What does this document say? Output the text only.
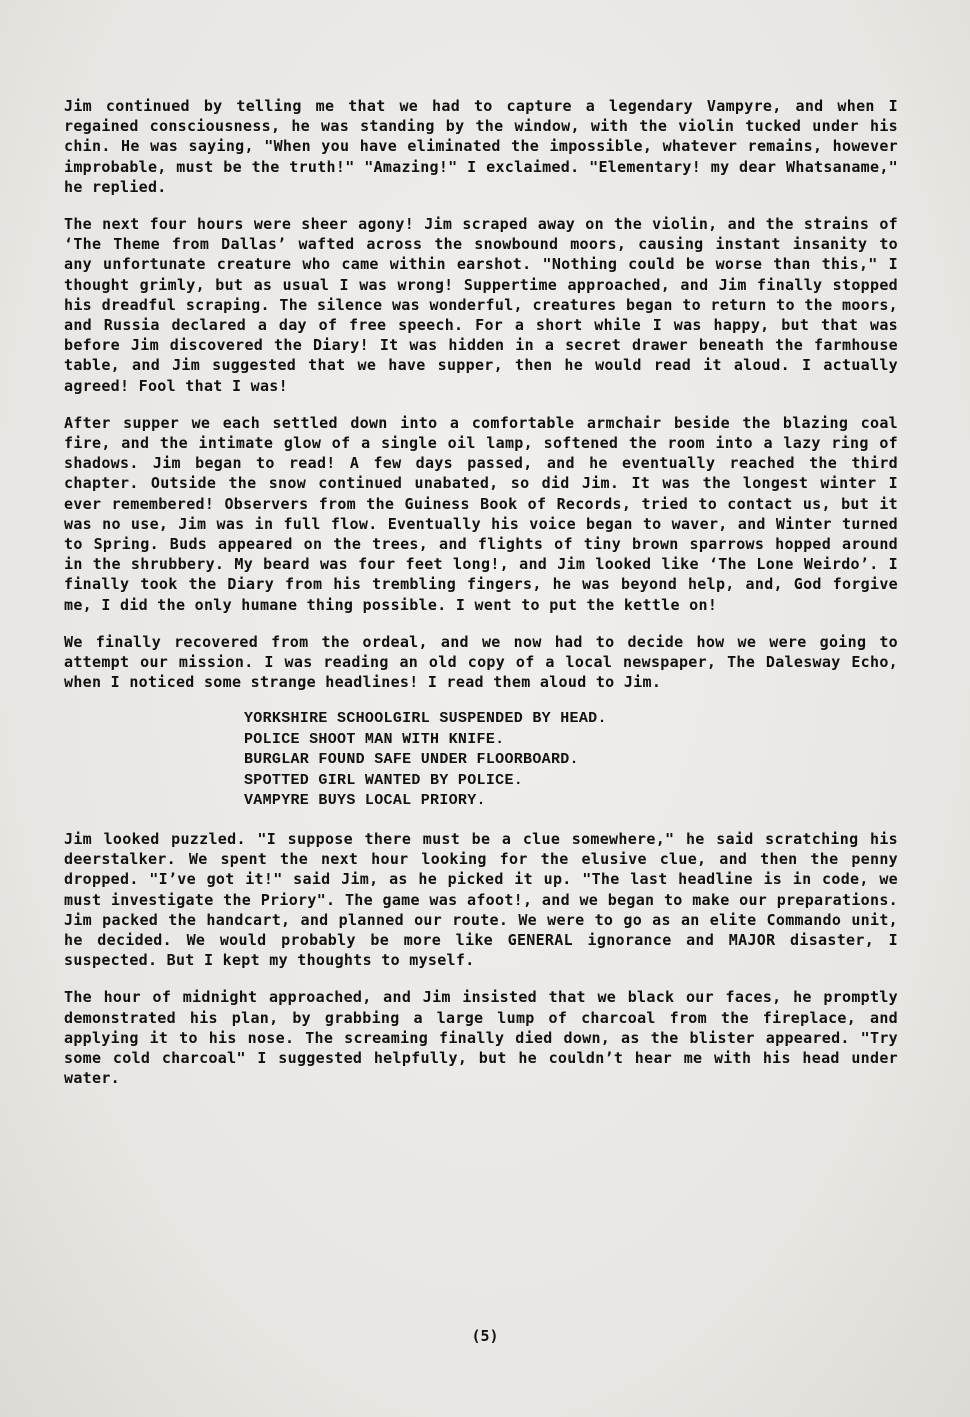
Jim continued by telling me that we had to capture a legendary Vampyre, and when I regained consciousness, he was standing by the window, with the violin tucked under his chin. He was saying, "When you have eliminated the impossible, whatever remains, however improbable, must be the truth!" "Amazing!" I exclaimed. "Elementary! my dear Whatsaname," he replied.

The next four hours were sheer agony! Jim scraped away on the violin, and the strains of ‘The Theme from Dallas’ wafted across the snowbound moors, causing instant insanity to any unfortunate creature who came within earshot. "Nothing could be worse than this," I thought grimly, but as usual I was wrong! Suppertime approached, and Jim finally stopped his dreadful scraping. The silence was wonderful, creatures began to return to the moors, and Russia declared a day of free speech. For a short while I was happy, but that was before Jim discovered the Diary! It was hidden in a secret drawer beneath the farmhouse table, and Jim suggested that we have supper, then he would read it aloud. I actually agreed! Fool that I was!

After supper we each settled down into a comfortable armchair beside the blazing coal fire, and the intimate glow of a single oil lamp, softened the room into a lazy ring of shadows. Jim began to read! A few days passed, and he eventually reached the third chapter. Outside the snow continued unabated, so did Jim. It was the longest winter I ever remembered! Observers from the Guiness Book of Records, tried to contact us, but it was no use, Jim was in full flow. Eventually his voice began to waver, and Winter turned to Spring. Buds appeared on the trees, and flights of tiny brown sparrows hopped around in the shrubbery. My beard was four feet long!, and Jim looked like ‘The Lone Weirdo’. I finally took the Diary from his trembling fingers, he was beyond help, and, God forgive me, I did the only humane thing possible. I went to put the kettle on!

We finally recovered from the ordeal, and we now had to decide how we were going to attempt our mission. I was reading an old copy of a local newspaper, The Dalesway Echo, when I noticed some strange headlines! I read them aloud to Jim.

YORKSHIRE SCHOOLGIRL SUSPENDED BY HEAD.
POLICE SHOOT MAN WITH KNIFE.
BURGLAR FOUND SAFE UNDER FLOORBOARD.
SPOTTED GIRL WANTED BY POLICE.
VAMPYRE BUYS LOCAL PRIORY.

Jim looked puzzled. "I suppose there must be a clue somewhere," he said scratching his deerstalker. We spent the next hour looking for the elusive clue, and then the penny dropped. "I’ve got it!" said Jim, as he picked it up. "The last headline is in code, we must investigate the Priory". The game was afoot!, and we began to make our preparations. Jim packed the handcart, and planned our route. We were to go as an elite Commando unit, he decided. We would probably be more like GENERAL ignorance and MAJOR disaster, I suspected. But I kept my thoughts to myself.

The hour of midnight approached, and Jim insisted that we black our faces, he promptly demonstrated his plan, by grabbing a large lump of charcoal from the fireplace, and applying it to his nose. The screaming finally died down, as the blister appeared. "Try some cold charcoal" I suggested helpfully, but he couldn’t hear me with his head under water.

(5)
